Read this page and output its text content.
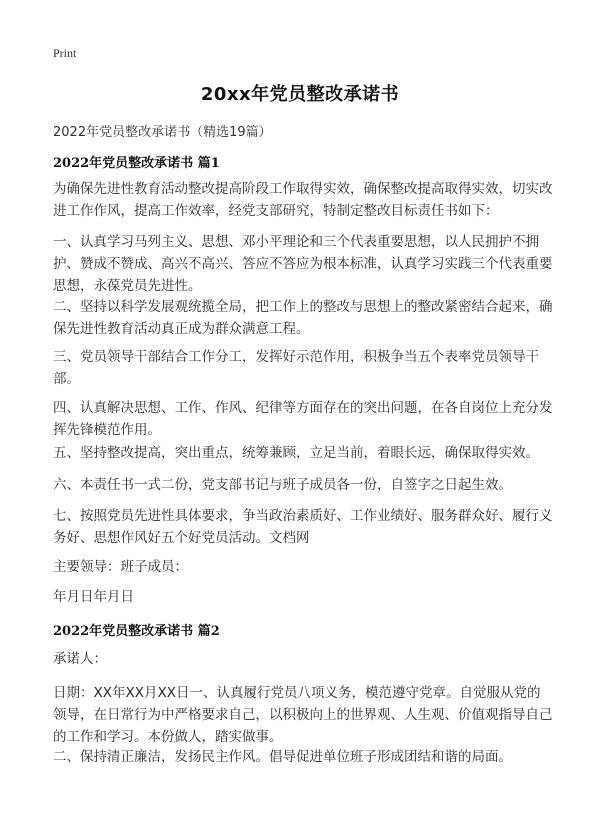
Print
20xx年党员整改承诺书
2022年党员整改承诺书（精选19篇）
2022年党员整改承诺书 篇1
为确保先进性教育活动整改提高阶段工作取得实效，确保整改提高取得实效，切实改进工作作风，提高工作效率，经党支部研究，特制定整改目标责任书如下：
一、认真学习马列主义、思想、邓小平理论和三个代表重要思想，以人民拥护不拥护、赞成不赞成、高兴不高兴、答应不答应为根本标准，认真学习实践三个代表重要思想，永葆党员先进性。
二、坚持以科学发展观统揽全局，把工作上的整改与思想上的整改紧密结合起来，确保先进性教育活动真正成为群众满意工程。
三、党员领导干部结合工作分工，发挥好示范作用，积极争当五个表率党员领导干部。
四、认真解决思想、工作、作风、纪律等方面存在的突出问题，在各自岗位上充分发挥先锋模范作用。
五、坚持整改提高，突出重点，统筹兼顾，立足当前，着眼长远，确保取得实效。
六、本责任书一式二份，党支部书记与班子成员各一份，自签字之日起生效。
七、按照党员先进性具体要求，争当政治素质好、工作业绩好、服务群众好、履行义务好、思想作风好五个好党员活动。文档网
主要领导：班子成员：
年月日年月日
2022年党员整改承诺书 篇2
承诺人：
日期：XX年XX月XX日一、认真履行党员八项义务，模范遵守党章。自觉服从党的领导，在日常行为中严格要求自己，以积极向上的世界观、人生观、价值观指导自己的工作和学习。本份做人，踏实做事。
二、保持清正廉洁，发扬民主作风。倡导促进单位班子形成团结和谐的局面。
